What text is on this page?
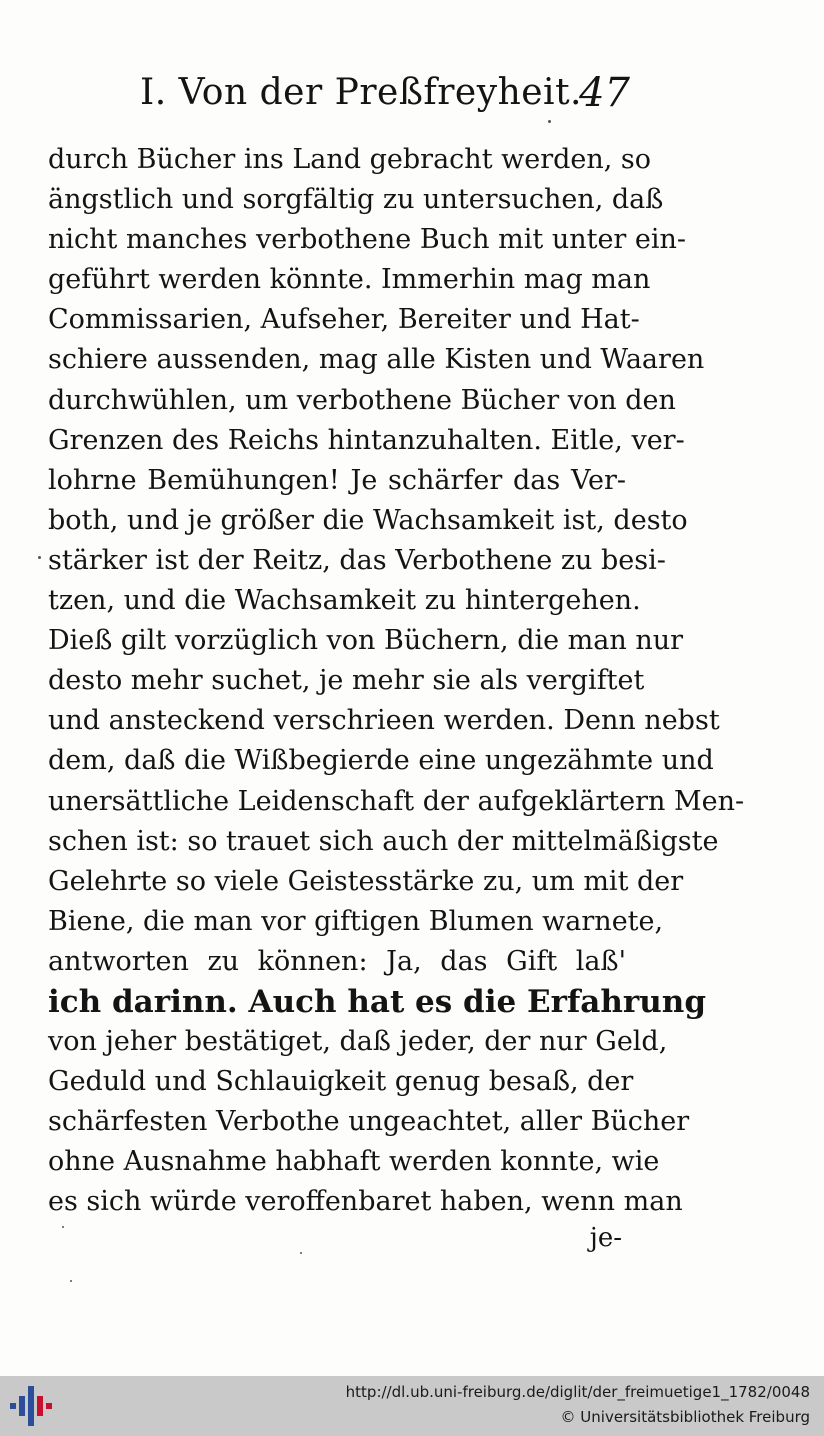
I. Von der Preßfreyheit.
47
durch Bücher ins Land gebracht werden, so
ängstlich und sorgfältig zu untersuchen, daß
nicht manches verbothene Buch mit unter ein-
geführt werden könnte. Immerhin mag man
Commissarien, Aufseher, Bereiter und Hat-
schiere aussenden, mag alle Kisten und Waaren
durchwühlen, um verbothene Bücher von den
Grenzen des Reichs hintanzuhalten. Eitle, ver-
lohrne Bemühungen! Je schärfer das Ver-
both, und je größer die Wachsamkeit ist, desto
stärker ist der Reitz, das Verbothene zu besi-
tzen, und die Wachsamkeit zu hintergehen.
Dieß gilt vorzüglich von Büchern, die man nur
desto mehr suchet, je mehr sie als vergiftet
und ansteckend verschrieen werden. Denn nebst
dem, daß die Wißbegierde eine ungezähmte und
unersättliche Leidenschaft der aufgeklärtern Men-
schen ist: so trauet sich auch der mittelmäßigste
Gelehrte so viele Geistesstärke zu, um mit der
Biene, die man vor giftigen Blumen warnete,
antworten zu können: Ja, das Gift laß'
ich darinn. Auch hat es die Erfahrung
von jeher bestätiget, daß jeder, der nur Geld,
Geduld und Schlauigkeit genug besaß, der
schärfesten Verbothe ungeachtet, aller Bücher
ohne Ausnahme habhaft werden konnte, wie
es sich würde veroffenbaret haben, wenn man
je-
http://dl.ub.uni-freiburg.de/diglit/der_freimuetige1_1782/0048
© Universitätsbibliothek Freiburg
